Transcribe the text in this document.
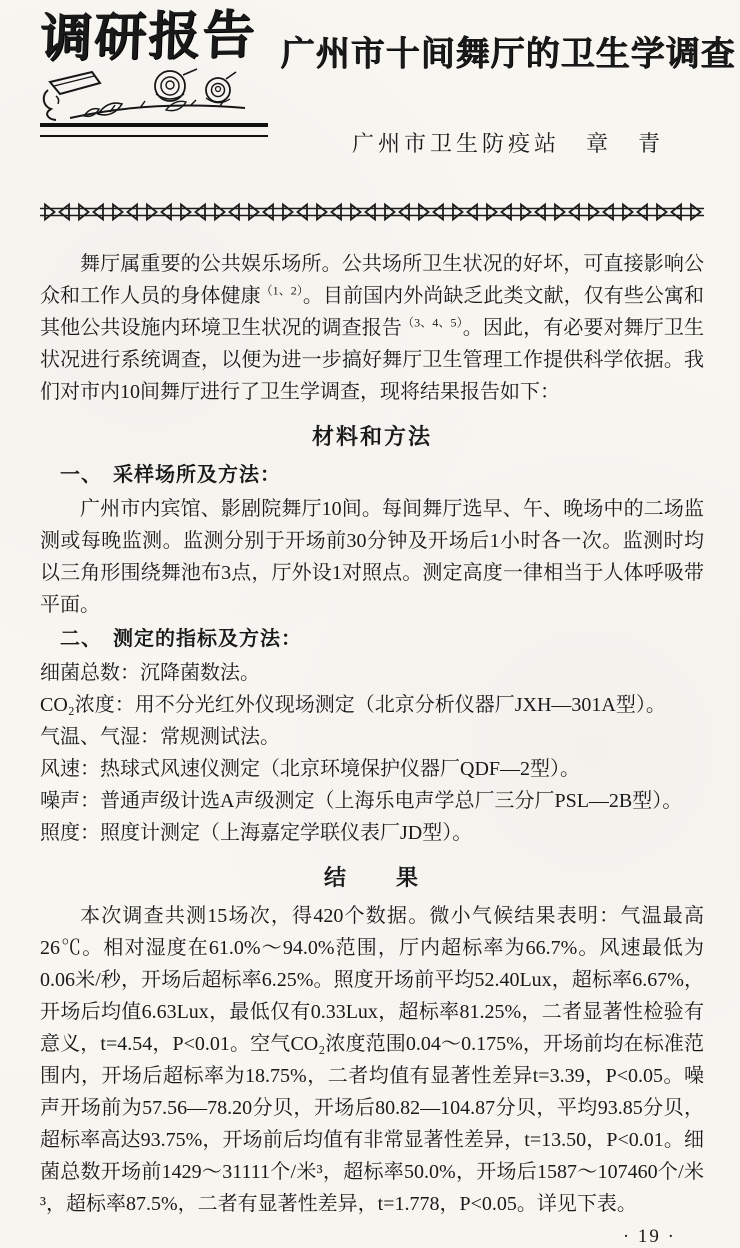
调研报告 广州市十间舞厅的卫生学调查
广州市卫生防疫站　章　青

舞厅属重要的公共娱乐场所。公共场所卫生状况的好坏，可直接影响公众和工作人员的身体健康$^{(1、2)}$。目前国内外尚缺乏此类文献，仅有些公寓和其他公共设施内环境卫生状况的调查报告$^{(3、4、5)}$。因此，有必要对舞厅卫生状况进行系统调查，以便为进一步搞好舞厅卫生管理工作提供科学依据。我们对市内10间舞厅进行了卫生学调查，现将结果报告如下：

材料和方法

一、　采样场所及方法：

广州市内宾馆、影剧院舞厅10间。每间舞厅选早、午、晚场中的二场监测或每晚监测。监测分别于开场前30分钟及开场后1小时各一次。监测时均以三角形围绕舞池布3点，厅外设1对照点。测定高度一律相当于人体呼吸带平面。

二、　测定的指标及方法：

细菌总数：沉降菌数法。

CO₂浓度：用不分光红外仪现场测定（北京分析仪器厂JXH—301A型）。

气温、气湿：常规测试法。

风速：热球式风速仪测定（北京环境保护仪器厂QDF—2型）。

噪声：普通声级计选A声级测定（上海乐电声学总厂三分厂PSL—2B型）。

照度：照度计测定（上海嘉定学联仪表厂JD型）。

结　　果

本次调查共测15场次，得420个数据。微小气候结果表明：气温最高26℃。相对湿度在61.0%～94.0%范围，厅内超标率为66.7%。风速最低为0.06米/秒，开场后超标率6.25%。照度开场前平均52.40Lux，超标率6.67%，开场后均值6.63Lux，最低仅有0.33Lux，超标率81.25%，二者显著性检验有意义，t=4.54，P<0.01。空气CO₂浓度范围0.04～0.175%，开场前均在标准范围内，开场后超标率为18.75%，二者均值有显著性差异t=3.39，P<0.05。噪声开场前为57.56—78.20分贝，开场后80.82—104.87分贝，平均93.85分贝，超标率高达93.75%，开场前后均值有非常显著性差异，t=13.50，P<0.01。细菌总数开场前1429～31111个/米³，超标率50.0%，开场后1587～107460个/米³，超标率87.5%，二者有显著性差异，t=1.778，P<0.05。详见下表。

· 19 ·
